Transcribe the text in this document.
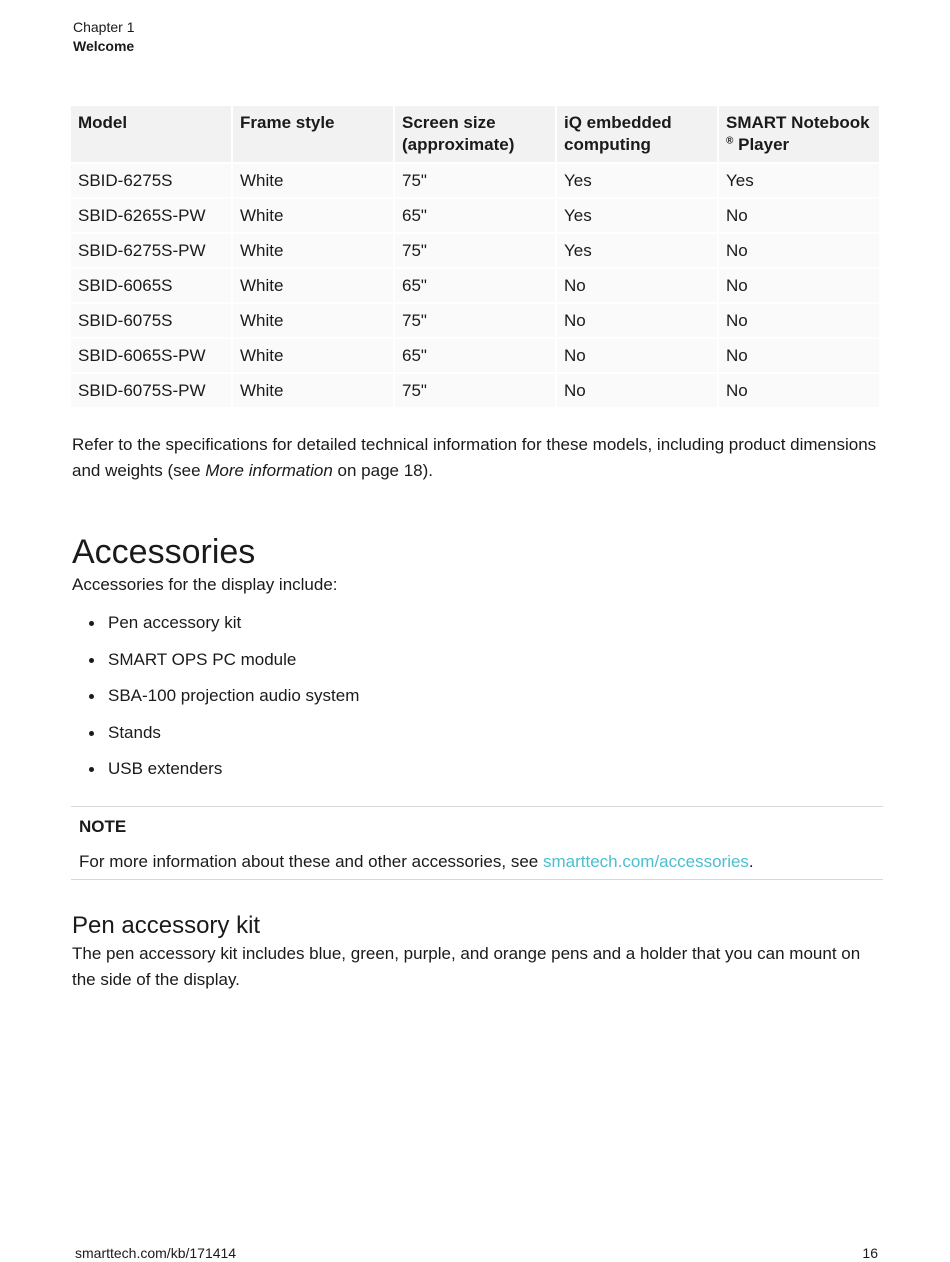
Chapter 1
Welcome
Model	Frame style	Screen size (approximate)	iQ embedded computing	SMART Notebook
® Player
SBID-6275S	White	75"	Yes	Yes
SBID-6265S-PW	White	65"	Yes	No
SBID-6275S-PW	White	75"	Yes	No
SBID-6065S	White	65"	No	No
SBID-6075S	White	75"	No	No
SBID-6065S-PW	White	65"	No	No
SBID-6075S-PW	White	75"	No	No

Refer to the specifications for detailed technical information for these models, including product dimensions and weights (see More information on page 18).

Accessories

Accessories for the display include:

Pen accessory kit
SMART OPS PC module
SBA-100 projection audio system
Stands
USB extenders
NOTE
For more information about these and other accessories, see smarttech.com/accessories.
Pen accessory kit

The pen accessory kit includes blue, green, purple, and orange pens and a holder that you can mount on the side of the display.

smarttech.com/kb/171414	16
